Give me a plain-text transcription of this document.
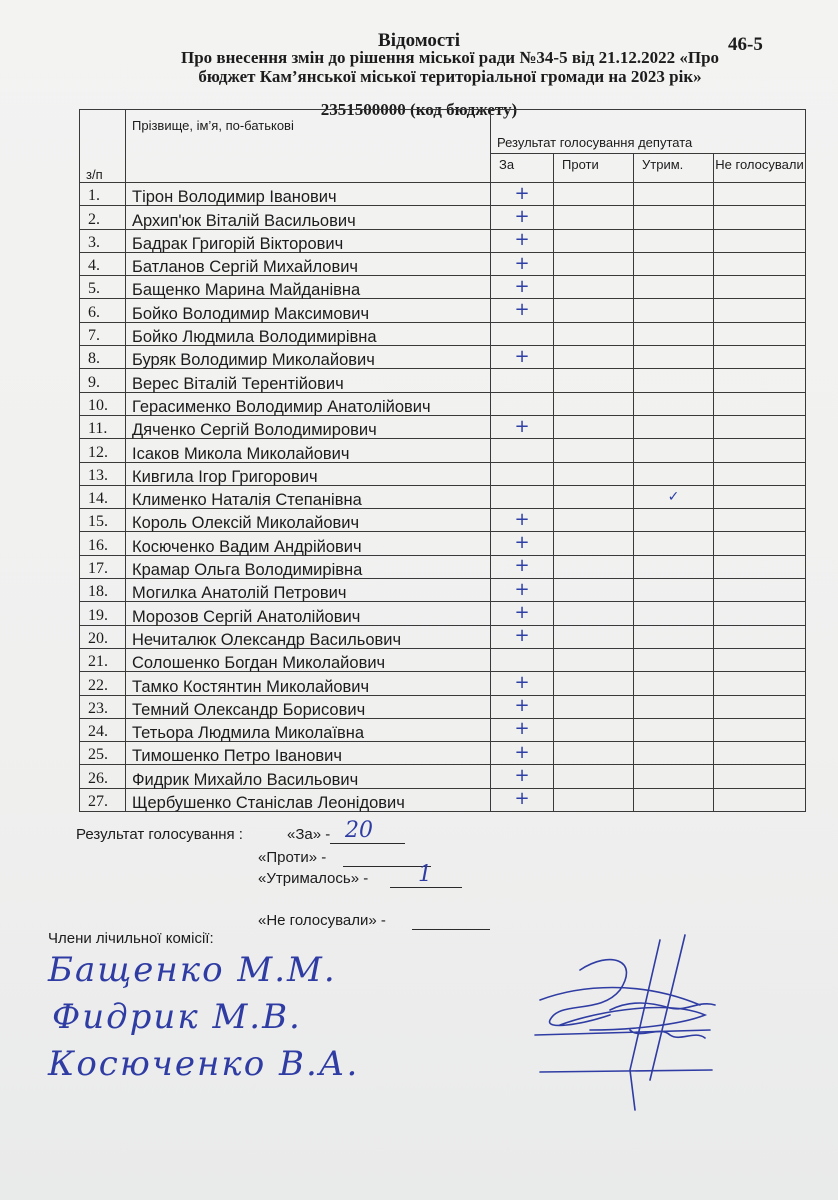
Відомості	46-5
Про внесення змін до рішення міської ради №34-5 від 21.12.2022 «Про
бюджет Кам’янської міської територіальної громади на 2023 рік»
2351500000 (код бюджету)
з/п	Прізвище, ім’я, по-батькові	Результат голосування депутата			
		За	Проти	Утрим.	Не голосували
1.	Тірон Володимир Іванович	+			
2.	Архип'юк Віталій Васильович	+			
3.	Бадрак Григорій Вікторович	+			
4.	Батланов Сергій Михайлович	+			
5.	Бащенко Марина Майданівна	+			
6.	Бойко Володимир Максимович	+			
7.	Бойко Людмила Володимирівна				
8.	Буряк Володимир Миколайович	+			
9.	Верес Віталій Терентійович				
10.	Герасименко Володимир Анатолійович				
11.	Дяченко Сергій Володимирович	+			
12.	Ісаков Микола Миколайович				
13.	Кивгила Ігор Григорович				
14.	Клименко Наталія Степанівна			✓	
15.	Король Олексій Миколайович	+			
16.	Косюченко Вадим Андрійович	+			
17.	Крамар Ольга Володимирівна	+			
18.	Могилка Анатолій Петрович	+			
19.	Морозов Сергій Анатолійович	+			
20.	Нечиталюк Олександр Васильович	+			
21.	Солошенко Богдан Миколайович				
22.	Тамко Костянтин Миколайович	+			
23.	Темний Олександр Борисович	+			
24.	Тетьора Людмила Миколаївна	+			
25.	Тимошенко Петро Іванович	+			
26.	Фидрик Михайло Васильович	+			
27.	Щербушенко Станіслав Леонідович	+			
Результат голосування :	«За» - 20
«Проти» -
«Утрималось» - 1
«Не голосували» -
Члени лічильної комісії:
Бащенко М.М.
Фидрик М.В.
Косюченко В.А.
